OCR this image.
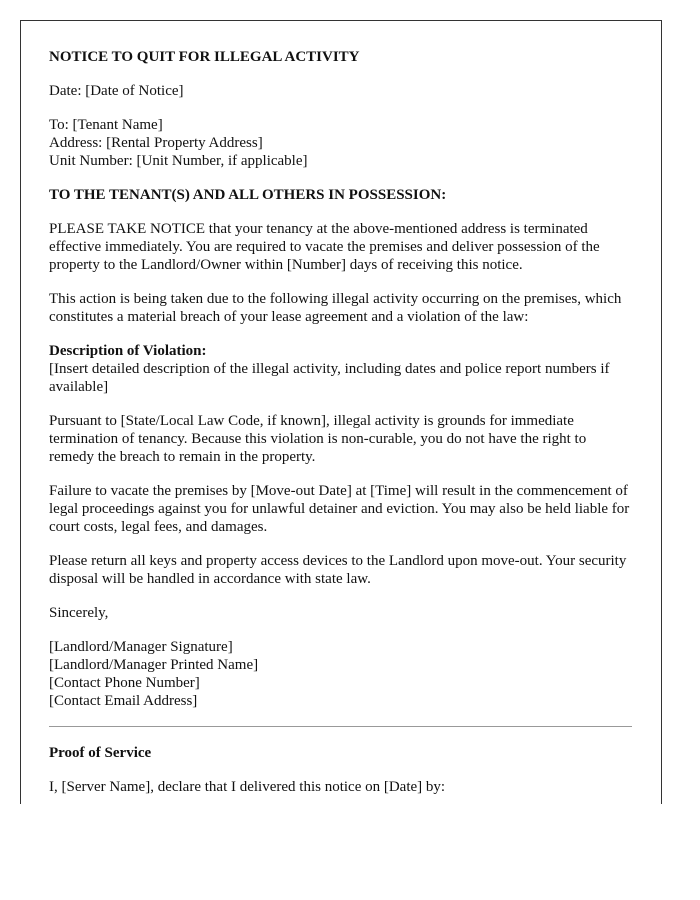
NOTICE TO QUIT FOR ILLEGAL ACTIVITY

Date: [Date of Notice]

To: [Tenant Name]
Address: [Rental Property Address]
Unit Number: [Unit Number, if applicable]

TO THE TENANT(S) AND ALL OTHERS IN POSSESSION:

PLEASE TAKE NOTICE that your tenancy at the above-mentioned address is terminated effective immediately. You are required to vacate the premises and deliver possession of the property to the Landlord/Owner within [Number] days of receiving this notice.

This action is being taken due to the following illegal activity occurring on the premises, which constitutes a material breach of your lease agreement and a violation of the law:

Description of Violation:
[Insert detailed description of the illegal activity, including dates and police report numbers if available]

Pursuant to [State/Local Law Code, if known], illegal activity is grounds for immediate termination of tenancy. Because this violation is non-curable, you do not have the right to remedy the breach to remain in the property.

Failure to vacate the premises by [Move-out Date] at [Time] will result in the commencement of legal proceedings against you for unlawful detainer and eviction. You may also be held liable for court costs, legal fees, and damages.

Please return all keys and property access devices to the Landlord upon move-out. Your security disposal will be handled in accordance with state law.

Sincerely,

[Landlord/Manager Signature]
[Landlord/Manager Printed Name]
[Contact Phone Number]
[Contact Email Address]

Proof of Service

I, [Server Name], declare that I delivered this notice on [Date] by:
